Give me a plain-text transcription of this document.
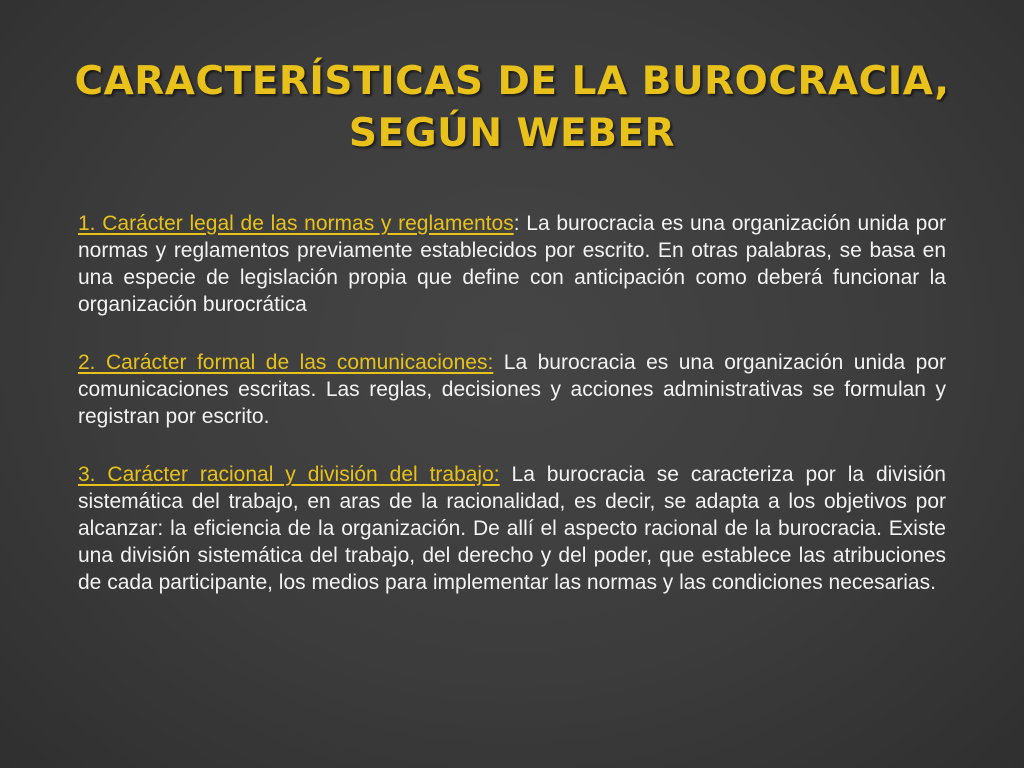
CARACTERÍSTICAS DE LA BUROCRACIA,
SEGÚN WEBER

1. Carácter legal de las normas y reglamentos: La burocracia es una organización unida por normas y reglamentos previamente establecidos por escrito. En otras palabras, se basa en una especie de legislación propia que define con anticipación como deberá funcionar la organización burocrática

2. Carácter formal de las comunicaciones: La burocracia es una organización unida por comunicaciones escritas. Las reglas, decisiones y acciones administrativas se formulan y registran por escrito.

3. Carácter racional y división del trabajo: La burocracia se caracteriza por la división sistemática del trabajo, en aras de la racionalidad, es decir, se adapta a los objetivos por alcanzar: la eficiencia de la organización. De allí el aspecto racional de la burocracia. Existe una división sistemática del trabajo, del derecho y del poder, que establece las atribuciones de cada participante, los medios para implementar las normas y las condiciones necesarias.
